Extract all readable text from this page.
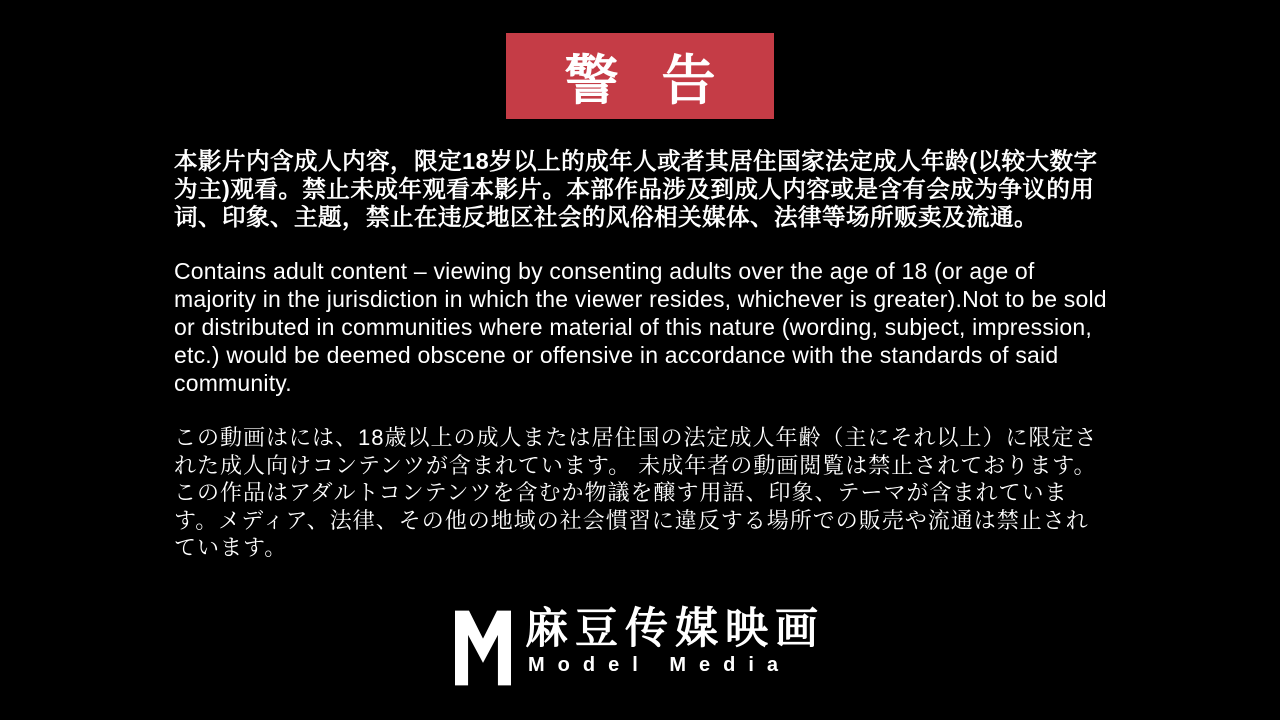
警 告

本影片内含成人内容，限定18岁以上的成年人或者其居住国家法定成人年龄(以较大数字为主)观看。禁止未成年观看本影片。本部作品涉及到成人内容或是含有会成为争议的用词、印象、主题，禁止在违反地区社会的风俗相关媒体、法律等场所贩卖及流通。

Contains adult content – viewing by consenting adults over the age of 18 (or age of majority in the jurisdiction in which the viewer resides, whichever is greater).Not to be sold or distributed in communities where material of this nature (wording, subject, impression, etc.) would be deemed obscene or offensive in accordance with the standards of said community.

この動画はには、18歳以上の成人または居住国の法定成人年齢（主にそれ以上）に限定された成人向けコンテンツが含まれています。 未成年者の動画閲覧は禁止されております。 この作品はアダルトコンテンツを含むか物議を醸す用語、印象、テーマが含まれています。メディア、法律、その他の地域の社会慣習に違反する場所での販売や流通は禁止されています。

麻豆传媒映画
Model Media
